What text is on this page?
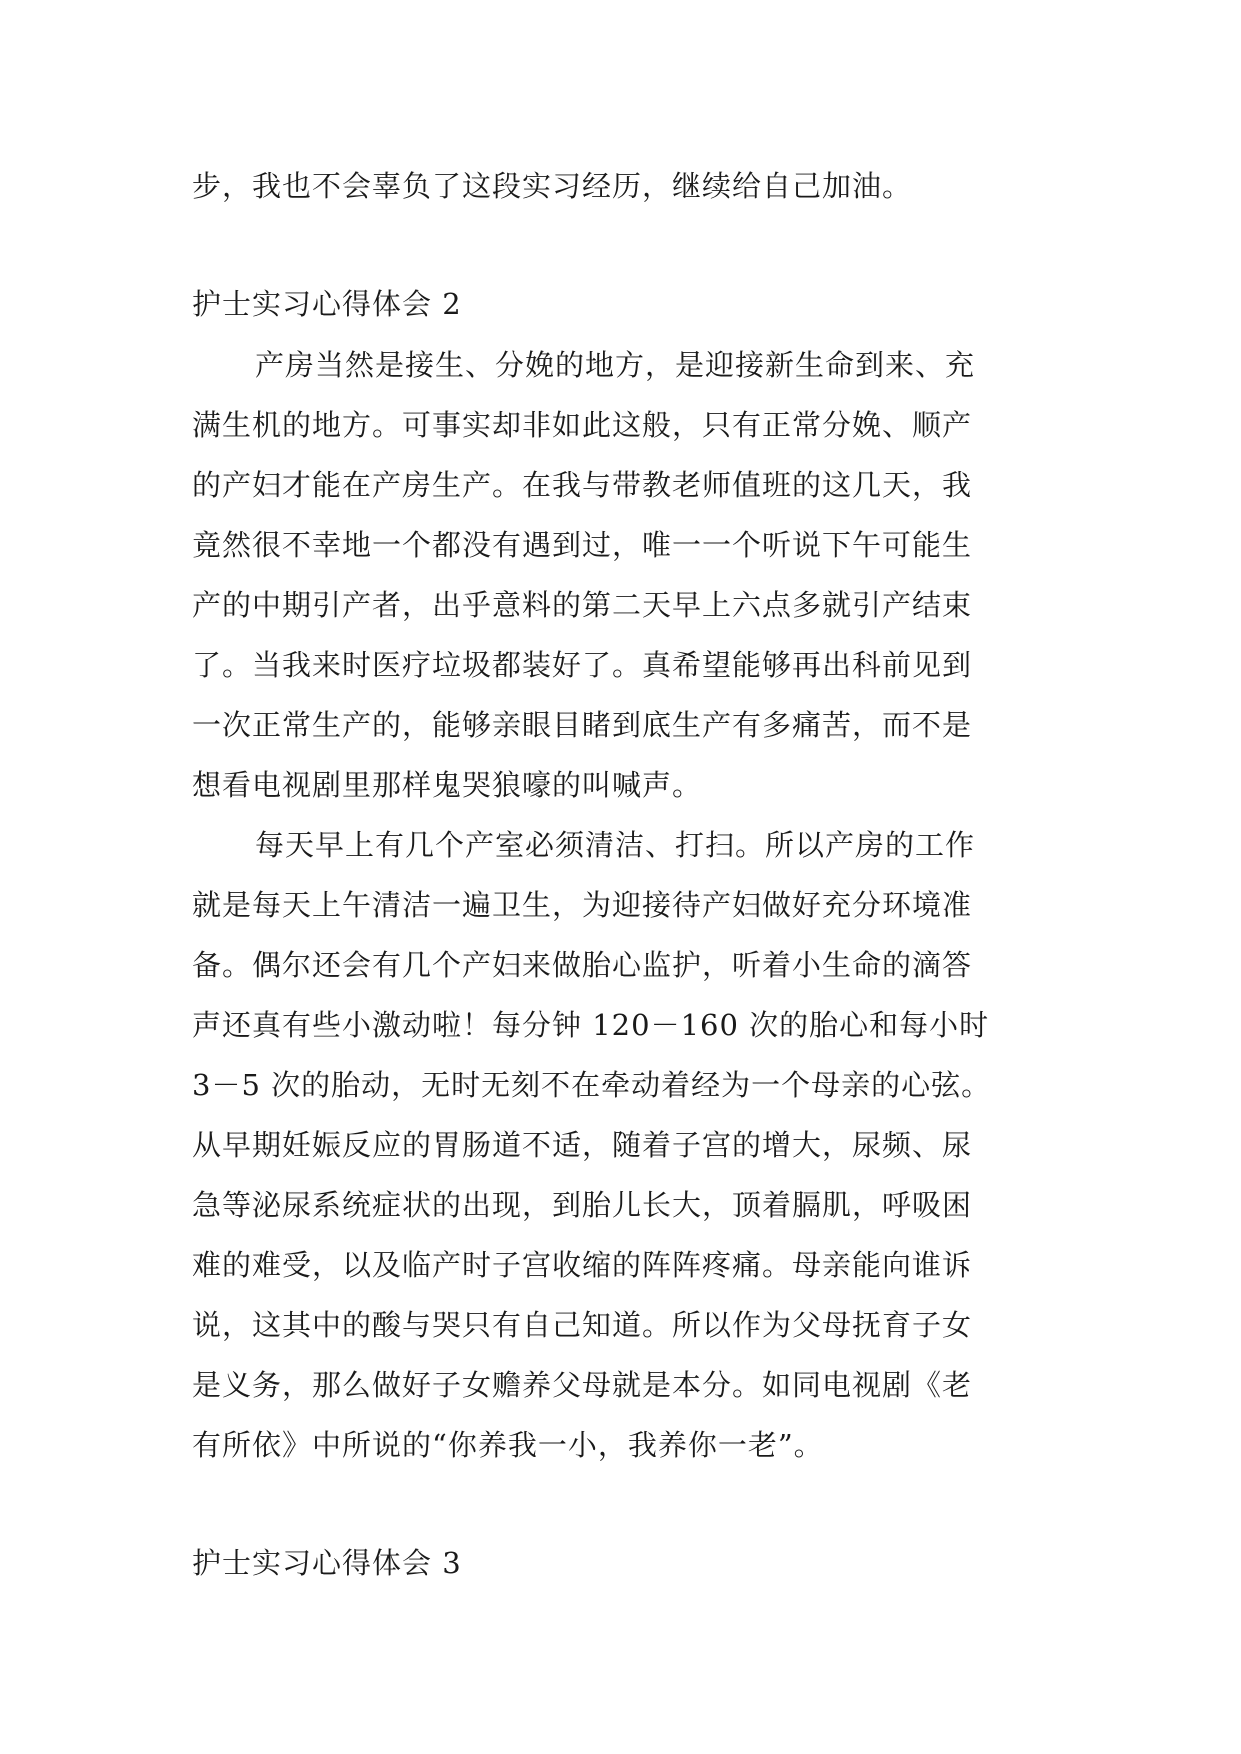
步，我也不会辜负了这段实习经历，继续给自己加油。
护士实习心得体会 2
产房当然是接生、分娩的地方，是迎接新生命到来、充
满生机的地方。可事实却非如此这般，只有正常分娩、顺产
的产妇才能在产房生产。在我与带教老师值班的这几天，我
竟然很不幸地一个都没有遇到过，唯一一个听说下午可能生
产的中期引产者，出乎意料的第二天早上六点多就引产结束
了。当我来时医疗垃圾都装好了。真希望能够再出科前见到
一次正常生产的，能够亲眼目睹到底生产有多痛苦，而不是
想看电视剧里那样鬼哭狼嚎的叫喊声。
每天早上有几个产室必须清洁、打扫。所以产房的工作
就是每天上午清洁一遍卫生，为迎接待产妇做好充分环境准
备。偶尔还会有几个产妇来做胎心监护，听着小生命的滴答
声还真有些小激动啦！每分钟 120－160 次的胎心和每小时
3－5 次的胎动，无时无刻不在牵动着经为一个母亲的心弦。
从早期妊娠反应的胃肠道不适，随着子宫的增大，尿频、尿
急等泌尿系统症状的出现，到胎儿长大，顶着膈肌，呼吸困
难的难受，以及临产时子宫收缩的阵阵疼痛。母亲能向谁诉
说，这其中的酸与哭只有自己知道。所以作为父母抚育子女
是义务，那么做好子女赡养父母就是本分。如同电视剧《老
有所依》中所说的“你养我一小，我养你一老”。
护士实习心得体会 3
